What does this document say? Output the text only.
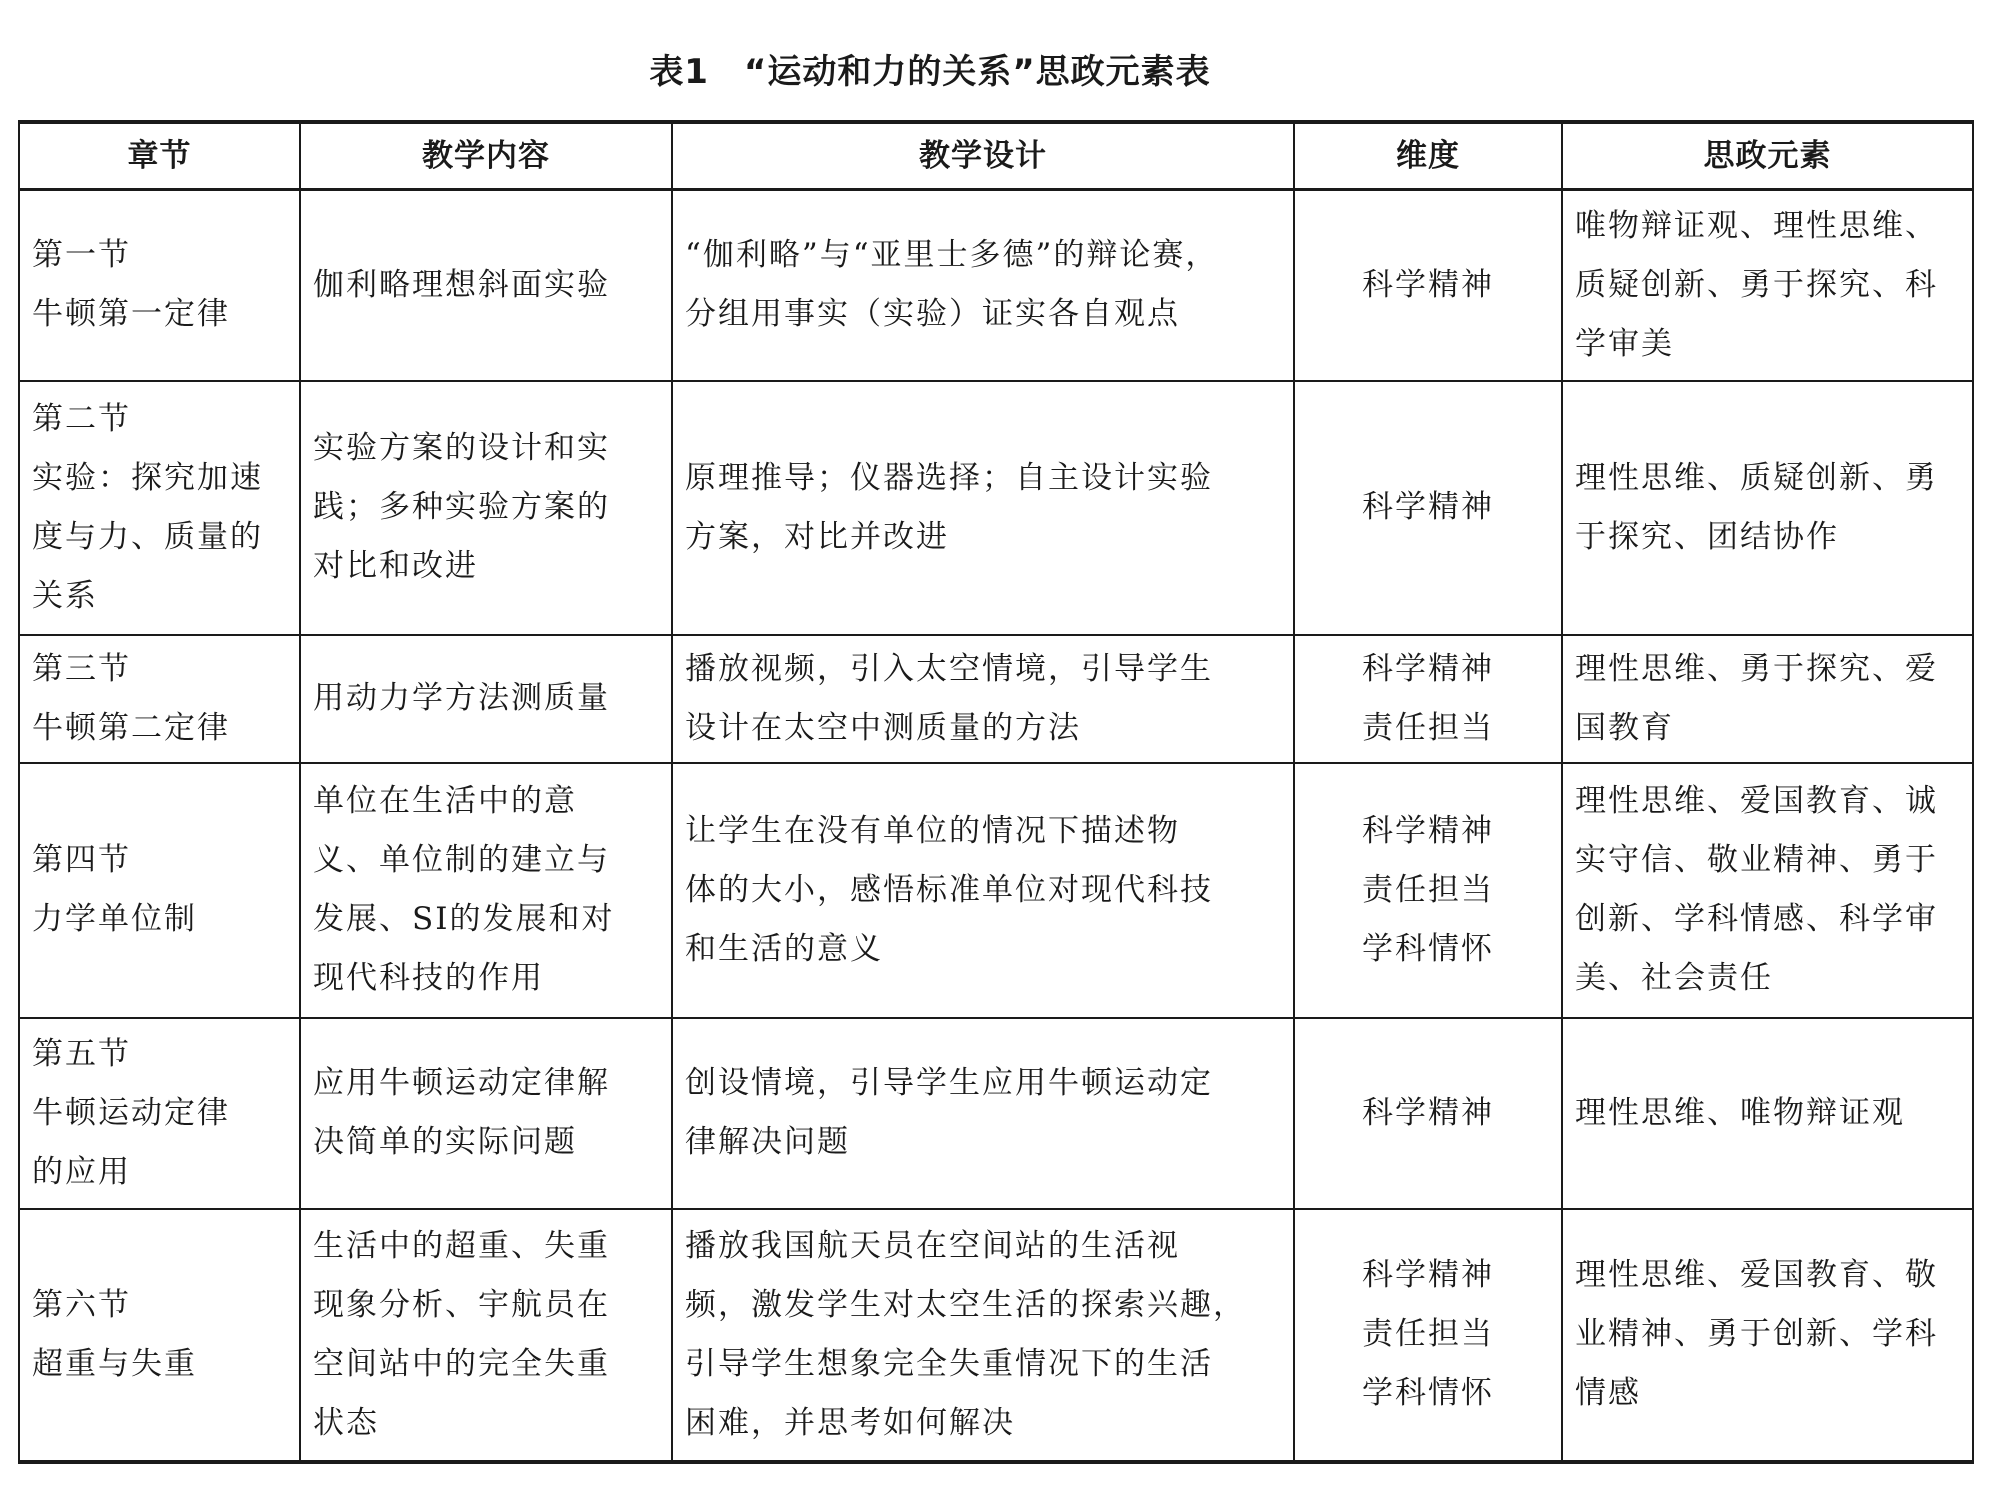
表1　“运动和力的关系”思政元素表
章节	教学内容	教学设计	维度	思政元素

第一节
牛顿第一定律	伽利略理想斜面实验	“伽利略”与“亚里士多德”的辩论赛，
分组用事实（实验）证实各自观点	科学精神	唯物辩证观、理性思维、
质疑创新、勇于探究、科
学审美

第二节
实验：探究加速
度与力、质量的
关系	实验方案的设计和实
践；多种实验方案的
对比和改进	原理推导；仪器选择；自主设计实验
方案，对比并改进	科学精神	理性思维、质疑创新、勇
于探究、团结协作

第三节
牛顿第二定律	用动力学方法测质量	播放视频，引入太空情境，引导学生
设计在太空中测质量的方法	科学精神
责任担当	理性思维、勇于探究、爱
国教育

第四节
力学单位制	单位在生活中的意
义、单位制的建立与
发展、SI的发展和对
现代科技的作用	让学生在没有单位的情况下描述物
体的大小，感悟标准单位对现代科技
和生活的意义	科学精神
责任担当
学科情怀	理性思维、爱国教育、诚
实守信、敬业精神、勇于
创新、学科情感、科学审
美、社会责任

第五节
牛顿运动定律
的应用	应用牛顿运动定律解
决简单的实际问题	创设情境，引导学生应用牛顿运动定
律解决问题	科学精神	理性思维、唯物辩证观

第六节
超重与失重	生活中的超重、失重
现象分析、宇航员在
空间站中的完全失重
状态	播放我国航天员在空间站的生活视
频，激发学生对太空生活的探索兴趣，
引导学生想象完全失重情况下的生活
困难，并思考如何解决	科学精神
责任担当
学科情怀	理性思维、爱国教育、敬
业精神、勇于创新、学科
情感
